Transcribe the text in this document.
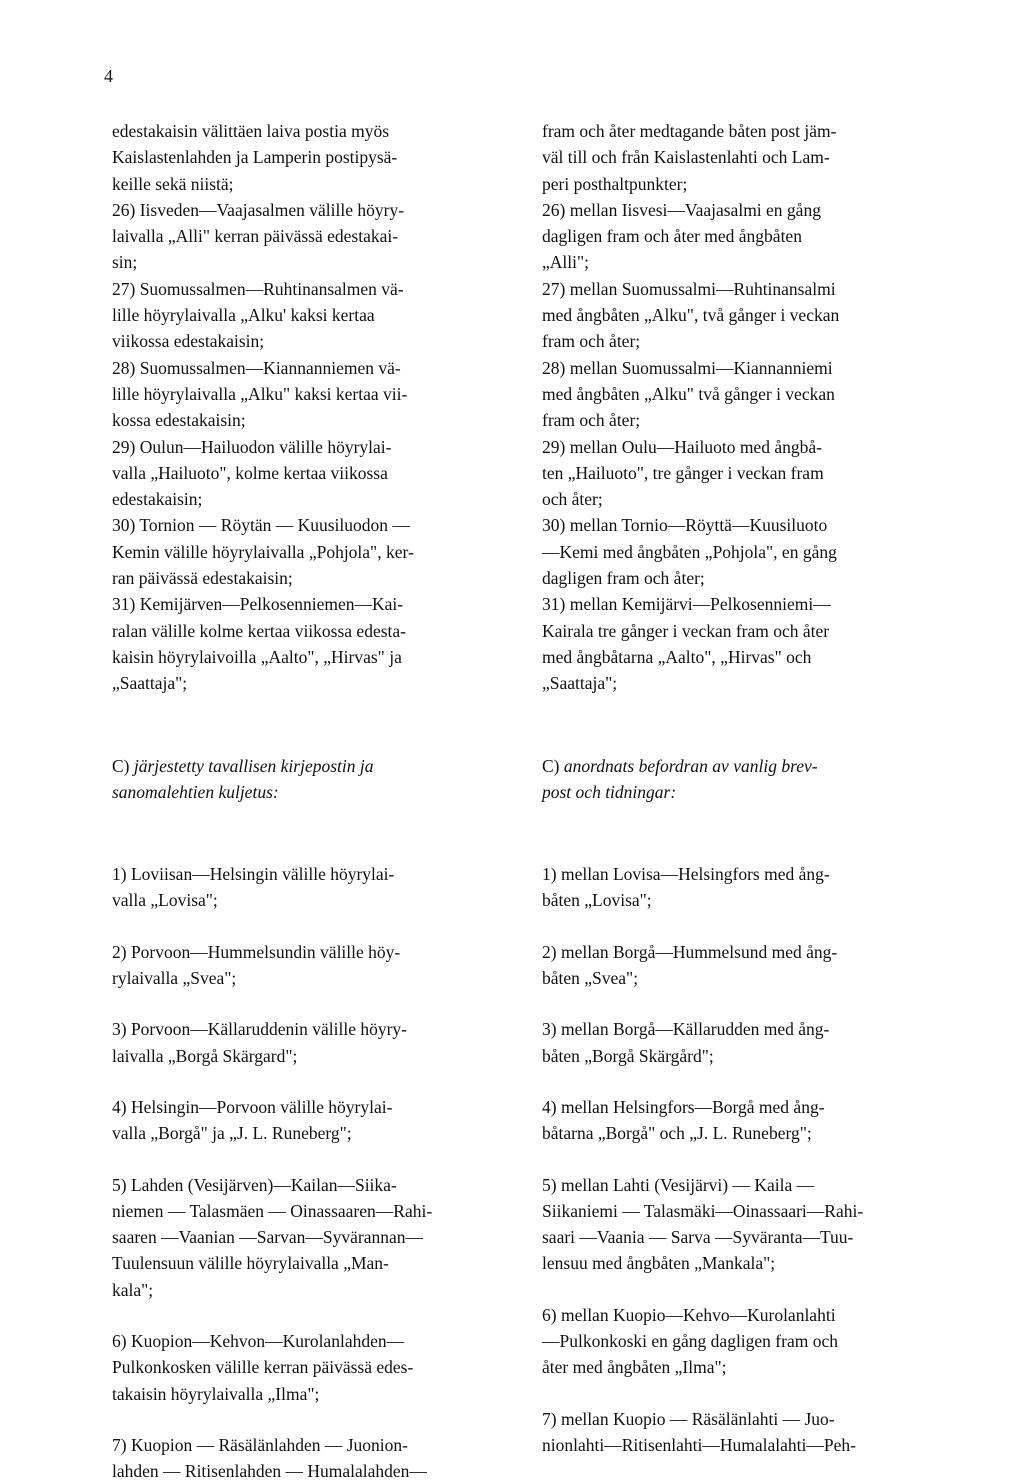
4

edestakaisin välittäen laiva postia myös

Kaislastenlahden ja Lamperin postipysä-

keille sekä niistä;

26) Iisveden—Vaajasalmen välille höyry-

laivalla „Alli" kerran päivässä edestakai-

sin;

27) Suomussalmen—Ruhtinansalmen vä-

lille höyrylaivalla „Alku' kaksi kertaa

viikossa edestakaisin;

28) Suomussalmen—Kiannanniemen vä-

lille höyrylaivalla „Alku" kaksi kertaa vii-

kossa edestakaisin;

29) Oulun—Hailuodon välille höyrylai-

valla „Hailuoto", kolme kertaa viikossa

edestakaisin;

30) Tornion — Röytän — Kuusiluodon —

Kemin välille höyrylaivalla „Pohjola", ker-

ran päivässä edestakaisin;

31) Kemijärven—Pelkosenniemen—Kai-

ralan välille kolme kertaa viikossa edesta-

kaisin höyrylaivoilla „Aalto", „Hirvas" ja

„Saattaja";

C) järjestetty tavallisen kirjepostin ja

sanomalehtien kuljetus:

1) Loviisan—Helsingin välille höyrylai-

valla „Lovisa";

2) Porvoon—Hummelsundin välille höy-

rylaivalla „Svea";

3) Porvoon—Källaruddenin välille höyry-

laivalla „Borgå Skärgard";

4) Helsingin—Porvoon välille höyrylai-

valla „Borgå" ja „J. L. Runeberg";

5) Lahden (Vesijärven)—Kailan—Siika-

niemen — Talasmäen — Oinassaaren—Rahi-

saaren —Vaanian —Sarvan—Syvärannan—

Tuulensuun välille höyrylaivalla „Man-

kala";

6) Kuopion—Kehvon—Kurolanlahden—

Pulkonkosken välille kerran päivässä edes-

takaisin höyrylaivalla „Ilma";

7) Kuopion — Räsälänlahden — Juonion-

lahden — Ritisenlahden — Humalalahden—

fram och åter medtagande båten post jäm-

väl till och från Kaislastenlahti och Lam-

peri posthaltpunkter;

26) mellan Iisvesi—Vaajasalmi en gång

dagligen fram och åter med ångbåten

„Alli";

27) mellan Suomussalmi—Ruhtinansalmi

med ångbåten „Alku", två gånger i veckan

fram och åter;

28) mellan Suomussalmi—Kiannanniemi

med ångbåten „Alku" två gånger i veckan

fram och åter;

29) mellan Oulu—Hailuoto med ångbå-

ten „Hailuoto", tre gånger i veckan fram

och åter;

30) mellan Tornio—Röyttä—Kuusiluoto

—Kemi med ångbåten „Pohjola", en gång

dagligen fram och åter;

31) mellan Kemijärvi—Pelkosenniemi—

Kairala tre gånger i veckan fram och åter

med ångbåtarna „Aalto", „Hirvas" och

„Saattaja";

C) anordnats befordran av vanlig brev-

post och tidningar:

1) mellan Lovisa—Helsingfors med ång-

båten „Lovisa";

2) mellan Borgå—Hummelsund med ång-

båten „Svea";

3) mellan Borgå—Källarudden med ång-

båten „Borgå Skärgård";

4) mellan Helsingfors—Borgå med ång-

båtarna „Borgå" och „J. L. Runeberg";

5) mellan Lahti (Vesijärvi) — Kaila —

Siikaniemi — Talasmäki—Oinassaari—Rahi-

saari —Vaania — Sarva —Syväranta—Tuu-

lensuu med ångbåten „Mankala";

6) mellan Kuopio—Kehvo—Kurolanlahti

—Pulkonkoski en gång dagligen fram och

åter med ångbåten „Ilma";

7) mellan Kuopio — Räsälänlahti — Juo-

nionlahti—Ritisenlahti—Humalalahti—Peh-
